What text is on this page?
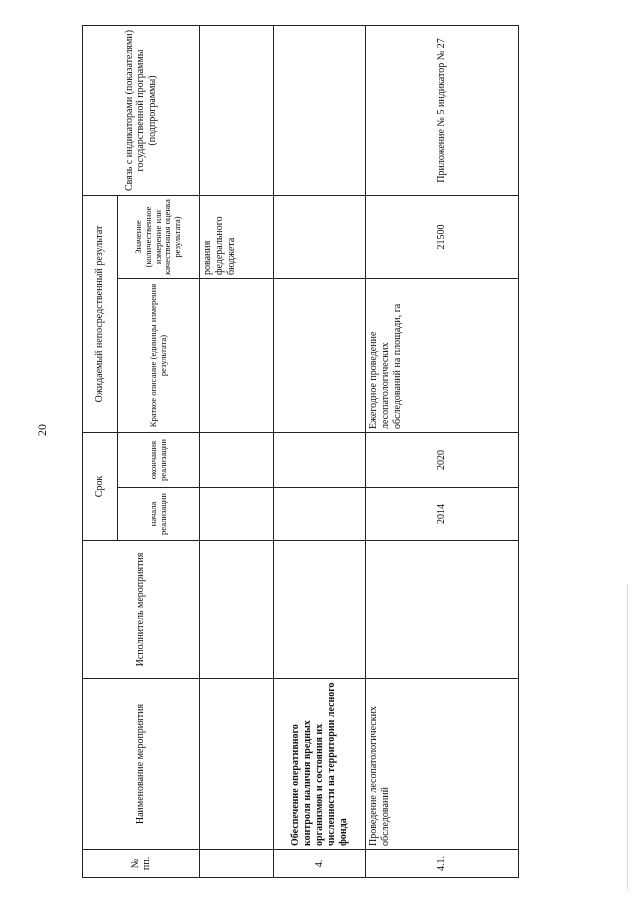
20
№ пп.	Наименование мероприятия	Исполнитель мероприятия	Срок		Ожидаемый непосредственный результат		Связь с индикаторами (показателями) государственной программы (подпрограммы)
			начала реализации	окончания реализации	Краткое описание (единицы измерения результата)	Значение (количественное измерение или качественная оценка результата)	
						рования федерального бюджета	
4.	Обеспечение оперативного контроля наличия вредных организмов и состояния их численности на территории лесного фонда						
4.1.	Проведение лесопатологических обследований		2014	2020	Ежегодное проведение лесопатологических обследований на площади, га	21500	Приложение № 5 индикатор № 27
